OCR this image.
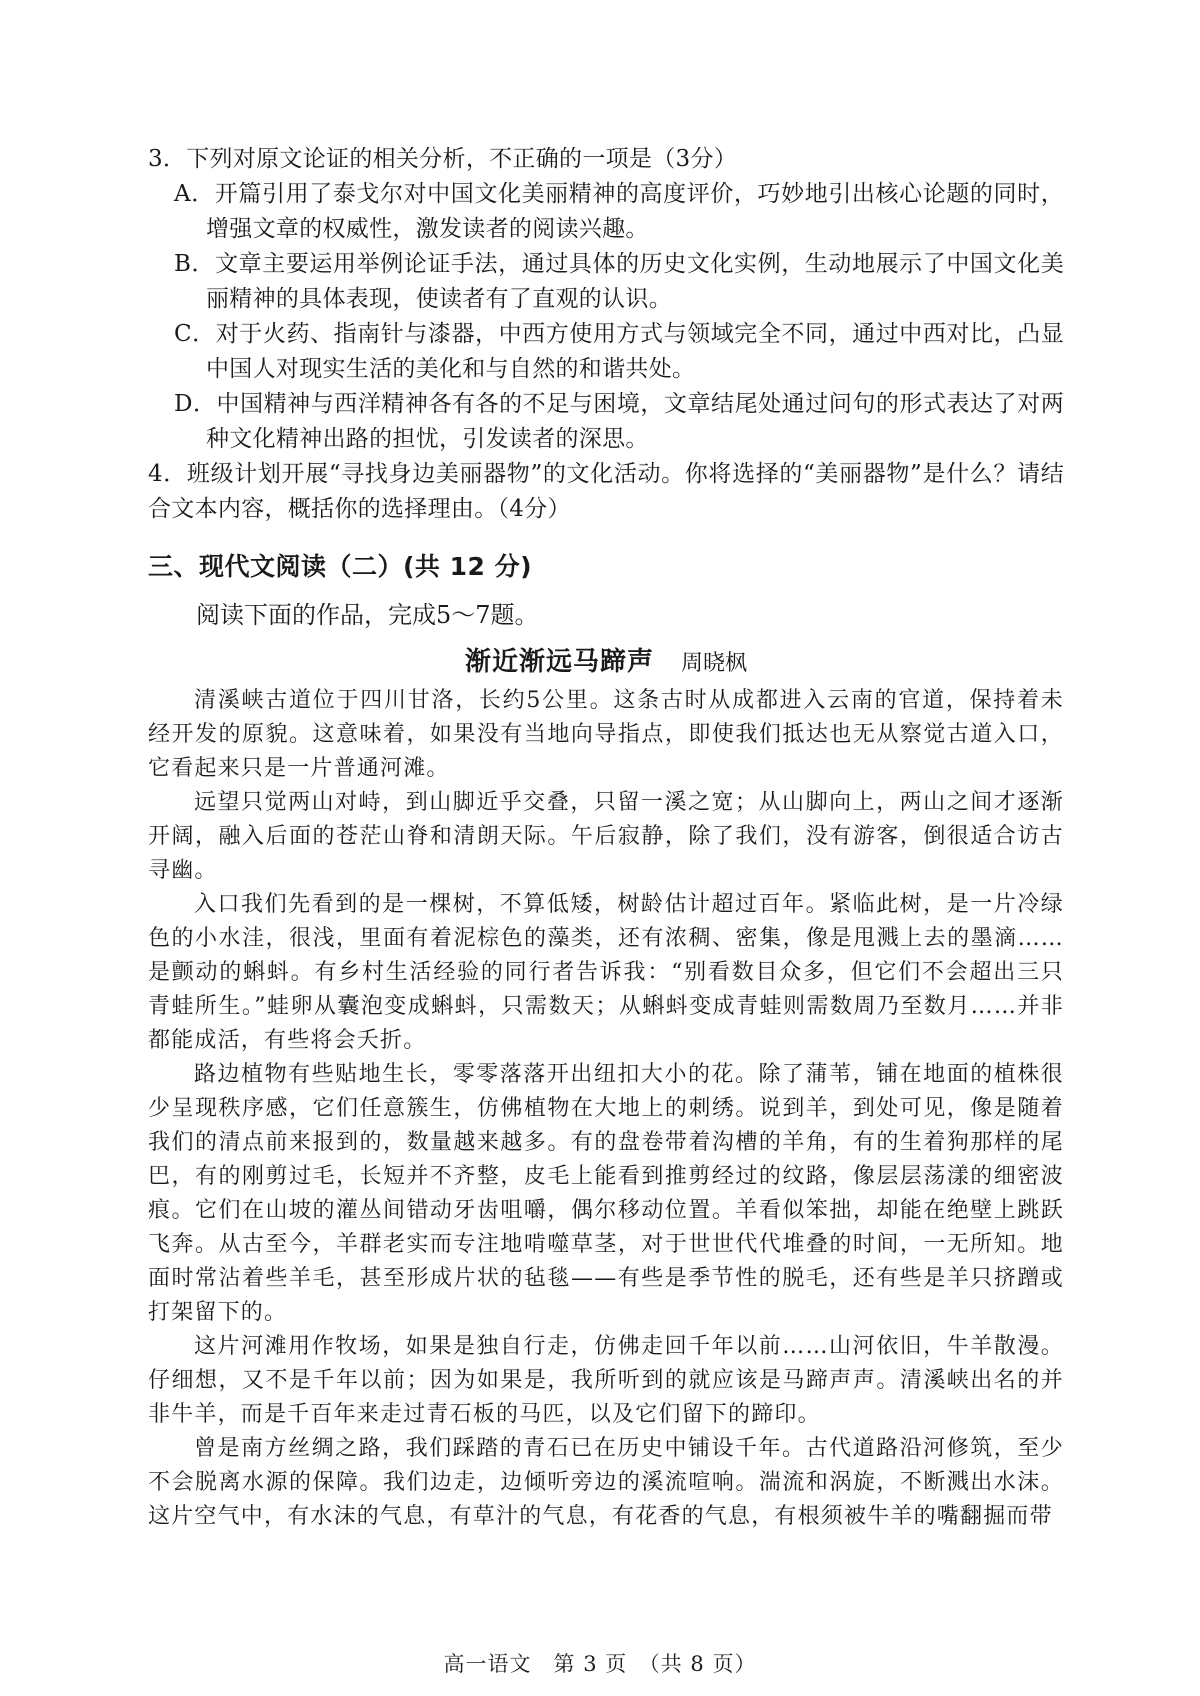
3．下列对原文论证的相关分析，不正确的一项是（3分）

A．开篇引用了泰戈尔对中国文化美丽精神的高度评价，巧妙地引出核心论题的同时，增强文章的权威性，激发读者的阅读兴趣。

B．文章主要运用举例论证手法，通过具体的历史文化实例，生动地展示了中国文化美丽精神的具体表现，使读者有了直观的认识。

C．对于火药、指南针与漆器，中西方使用方式与领域完全不同，通过中西对比，凸显中国人对现实生活的美化和与自然的和谐共处。

D．中国精神与西洋精神各有各的不足与困境，文章结尾处通过问句的形式表达了对两种文化精神出路的担忧，引发读者的深思。

4．班级计划开展“寻找身边美丽器物”的文化活动。你将选择的“美丽器物”是什么？请结合文本内容，概括你的选择理由。（4分）

三、现代文阅读（二）(共 12 分)
阅读下面的作品，完成5～7题。
渐近渐远马蹄声 周晓枫

清溪峡古道位于四川甘洛，长约5公里。这条古时从成都进入云南的官道，保持着未经开发的原貌。这意味着，如果没有当地向导指点，即使我们抵达也无从察觉古道入口，它看起来只是一片普通河滩。

远望只觉两山对峙，到山脚近乎交叠，只留一溪之宽；从山脚向上，两山之间才逐渐开阔，融入后面的苍茫山脊和清朗天际。午后寂静，除了我们，没有游客，倒很适合访古寻幽。

入口我们先看到的是一棵树，不算低矮，树龄估计超过百年。紧临此树，是一片冷绿色的小水洼，很浅，里面有着泥棕色的藻类，还有浓稠、密集，像是甩溅上去的墨滴……是颤动的蝌蚪。有乡村生活经验的同行者告诉我：“别看数目众多，但它们不会超出三只青蛙所生。”蛙卵从囊泡变成蝌蚪，只需数天；从蝌蚪变成青蛙则需数周乃至数月……并非都能成活，有些将会夭折。

路边植物有些贴地生长，零零落落开出纽扣大小的花。除了蒲苇，铺在地面的植株很少呈现秩序感，它们任意簇生，仿佛植物在大地上的刺绣。说到羊，到处可见，像是随着我们的清点前来报到的，数量越来越多。有的盘卷带着沟槽的羊角，有的生着狗那样的尾巴，有的刚剪过毛，长短并不齐整，皮毛上能看到推剪经过的纹路，像层层荡漾的细密波痕。它们在山坡的灌丛间错动牙齿咀嚼，偶尔移动位置。羊看似笨拙，却能在绝壁上跳跃飞奔。从古至今，羊群老实而专注地啃噬草茎，对于世世代代堆叠的时间，一无所知。地面时常沾着些羊毛，甚至形成片状的毡毯——有些是季节性的脱毛，还有些是羊只挤蹭或打架留下的。

这片河滩用作牧场，如果是独自行走，仿佛走回千年以前……山河依旧，牛羊散漫。仔细想，又不是千年以前；因为如果是，我所听到的就应该是马蹄声声。清溪峡出名的并非牛羊，而是千百年来走过青石板的马匹，以及它们留下的蹄印。

曾是南方丝绸之路，我们踩踏的青石已在历史中铺设千年。古代道路沿河修筑，至少不会脱离水源的保障。我们边走，边倾听旁边的溪流喧响。湍流和涡旋，不断溅出水沫。这片空气中，有水沫的气息，有草汁的气息，有花香的气息，有根须被牛羊的嘴翻掘而带

高一语文　第 3 页　（共 8 页）
